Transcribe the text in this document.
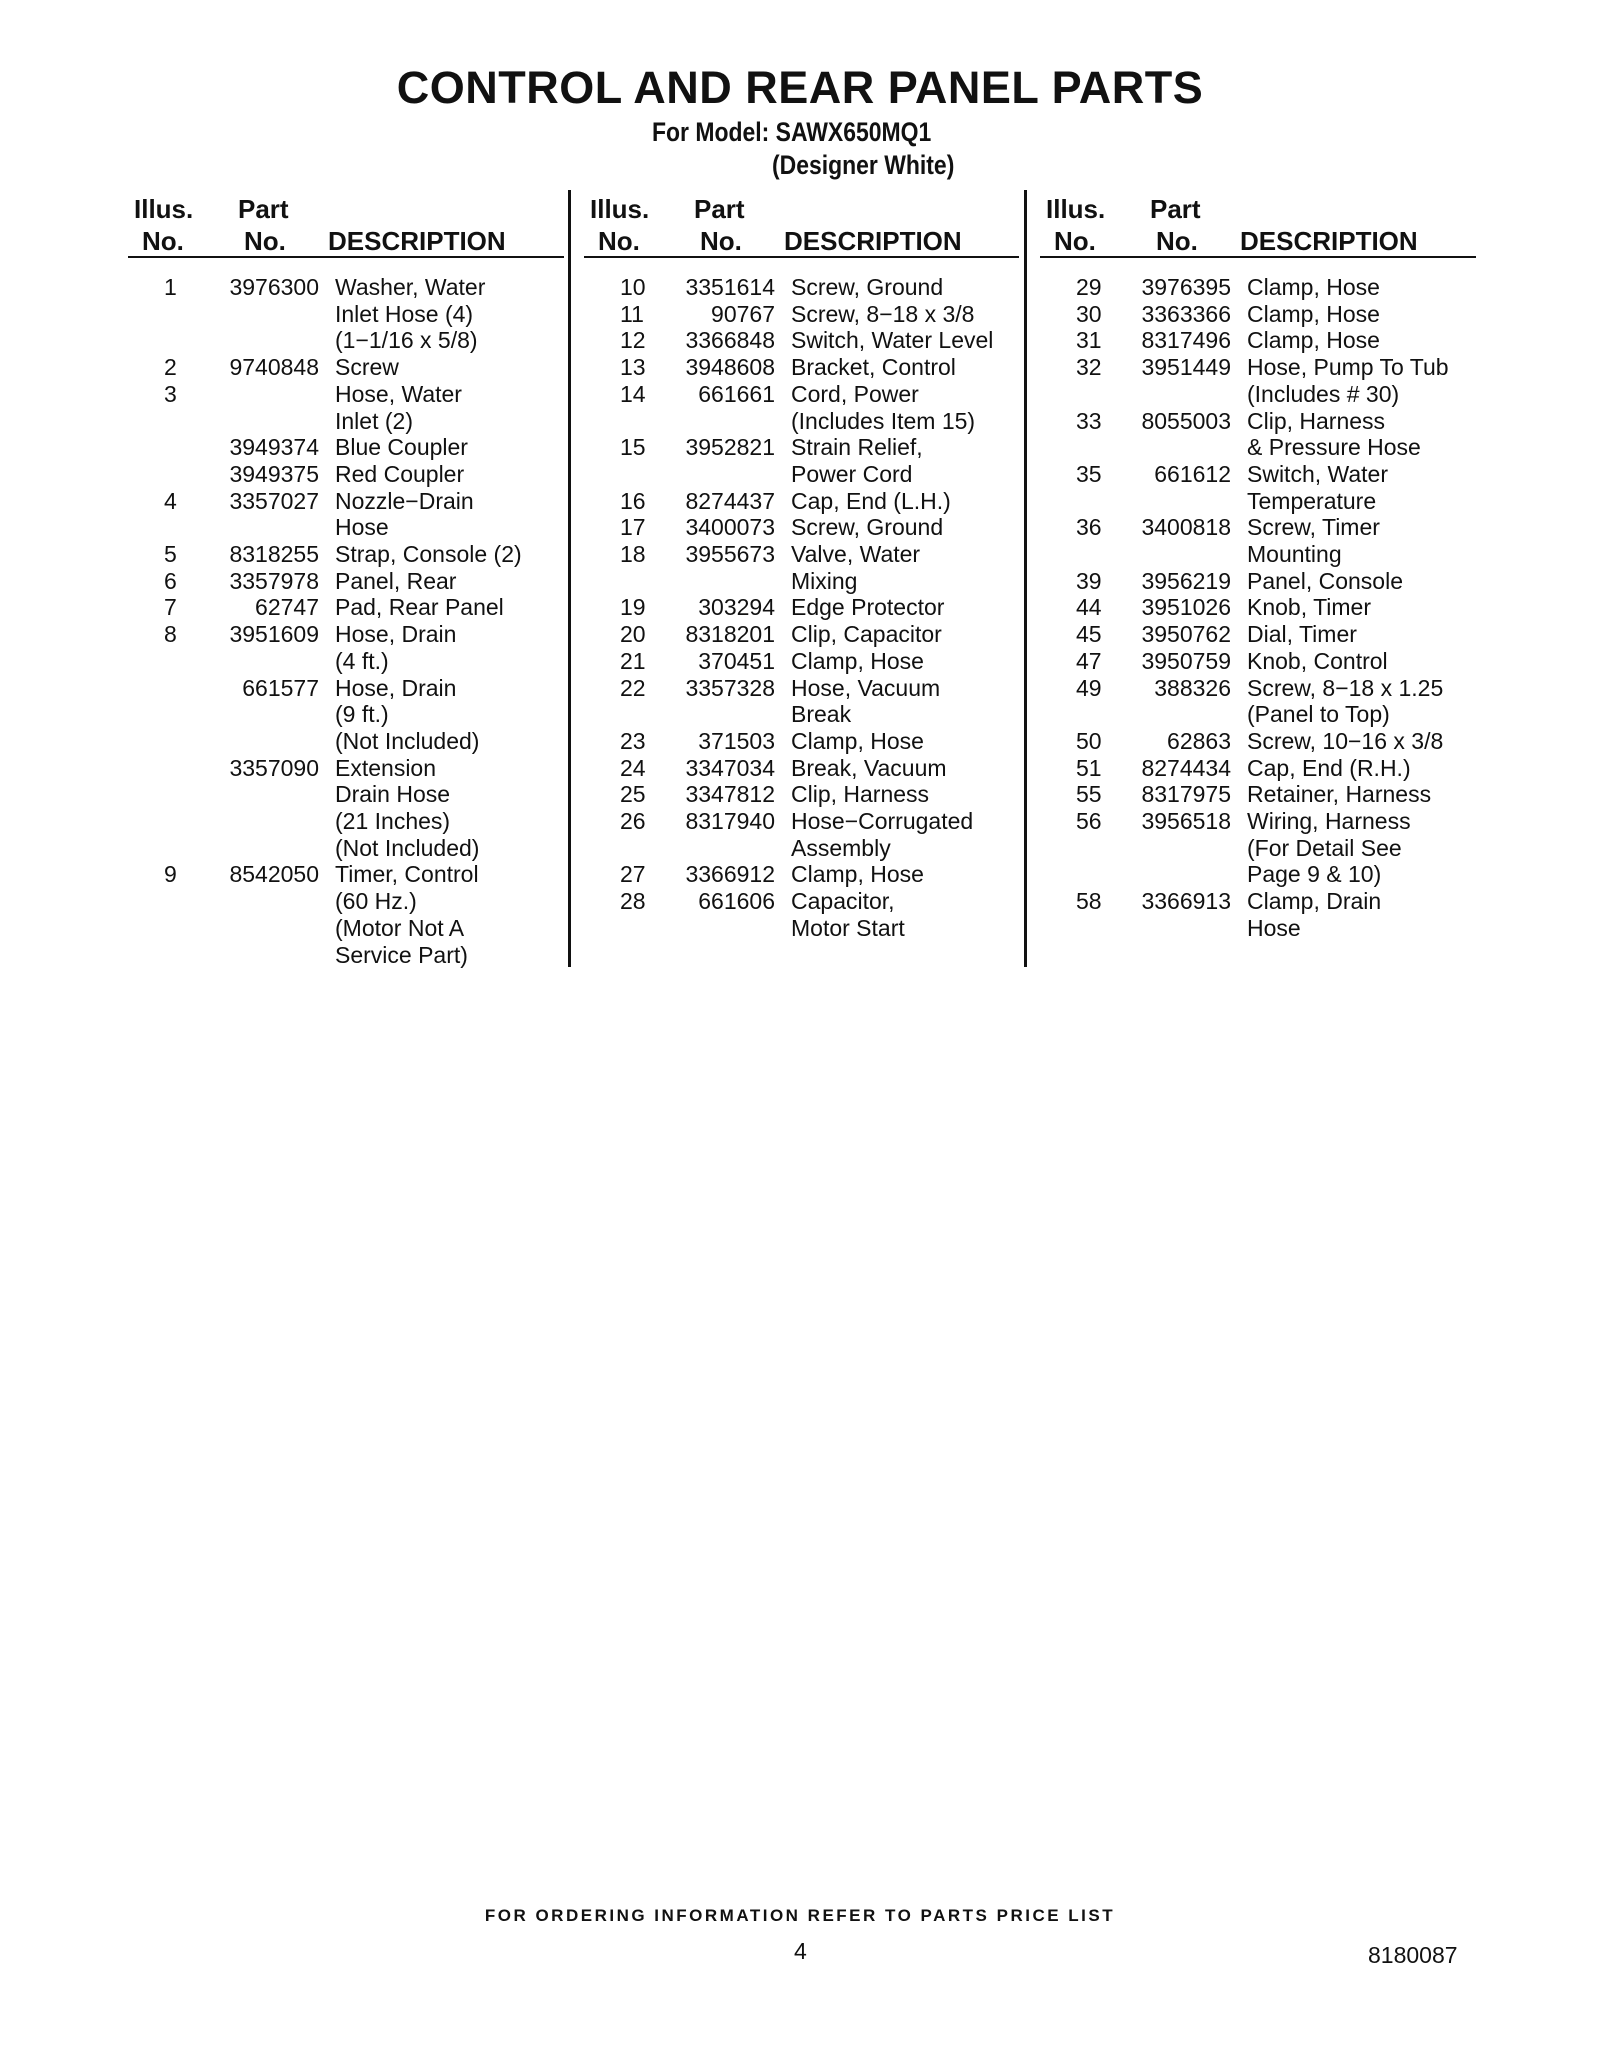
CONTROL AND REAR PANEL PARTS
For Model: SAWX650MQ1
(Designer White)
Illus.
No.
Part
No. DESCRIPTION
1	3976300 Washer, Water
Inlet Hose (4)
(1−1/16 x 5/8)
2	9740848 Screw
3	Hose, Water
Inlet (2)
3949374 Blue Coupler
3949375 Red Coupler
4	3357027 Nozzle−Drain
Hose
5	8318255 Strap, Console (2)
6	3357978 Panel, Rear
7	62747 Pad, Rear Panel
8	3951609 Hose, Drain
(4 ft.)
661577 Hose, Drain
(9 ft.)
(Not Included)
3357090 Extension
Drain Hose
(21 Inches)
(Not Included)
9	8542050 Timer, Control
(60 Hz.)
(Motor Not A
Service Part)
Illus.
No.
Part
No. DESCRIPTION
10	3351614 Screw, Ground
11	90767 Screw, 8−18 x 3/8
12	3366848 Switch, Water Level
13	3948608 Bracket, Control
14	661661 Cord, Power
(Includes Item 15)
15	3952821 Strain Relief,
Power Cord
16	8274437 Cap, End (L.H.)
17	3400073 Screw, Ground
18	3955673 Valve, Water
Mixing
19	303294 Edge Protector
20	8318201 Clip, Capacitor
21	370451 Clamp, Hose
22	3357328 Hose, Vacuum
Break
23	371503 Clamp, Hose
24	3347034 Break, Vacuum
25	3347812 Clip, Harness
26	8317940 Hose−Corrugated
Assembly
27	3366912 Clamp, Hose
28	661606 Capacitor,
Motor Start
Illus.
No.
Part
No. DESCRIPTION
29	3976395 Clamp, Hose
30	3363366 Clamp, Hose
31	8317496 Clamp, Hose
32	3951449 Hose, Pump To Tub
(Includes # 30)
33	8055003 Clip, Harness
& Pressure Hose
35	661612 Switch, Water
Temperature
36	3400818 Screw, Timer
Mounting
39	3956219 Panel, Console
44	3951026 Knob, Timer
45	3950762 Dial, Timer
47	3950759 Knob, Control
49	388326 Screw, 8−18 x 1.25
(Panel to Top)
50	62863 Screw, 10−16 x 3/8
51	8274434 Cap, End (R.H.)
55	8317975 Retainer, Harness
56	3956518 Wiring, Harness
(For Detail See
Page 9 & 10)
58	3366913 Clamp, Drain
Hose
FOR ORDERING INFORMATION REFER TO PARTS PRICE LIST
4	8180087
